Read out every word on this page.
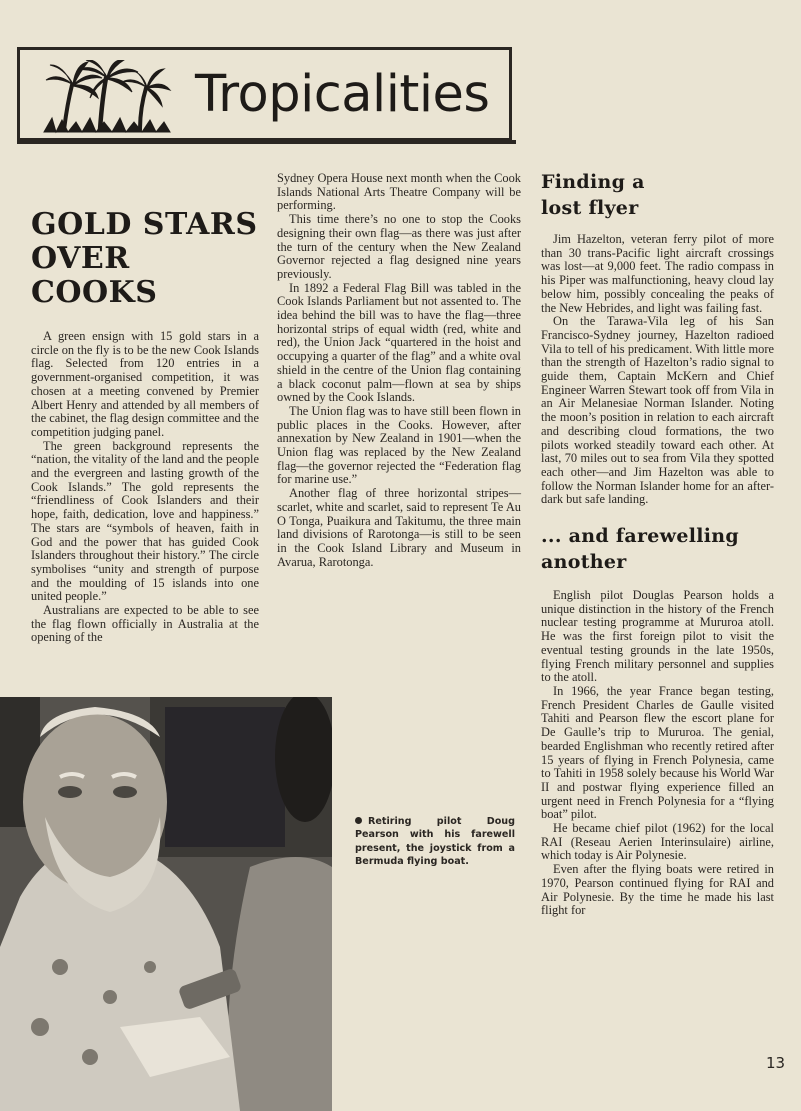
Tropicalities
GOLD STARS OVER COOKS

A green ensign with 15 gold stars in a circle on the fly is to be the new Cook Islands flag. Selected from 120 entries in a government-organised competition, it was chosen at a meeting convened by Premier Albert Henry and attended by all members of the cabinet, the flag design committee and the competition judging panel.

The green background represents the “nation, the vitality of the land and the people and the evergreen and lasting growth of the Cook Islands.” The gold represents the “friendliness of Cook Islanders and their hope, faith, dedication, love and happiness.” The stars are “symbols of heaven, faith in God and the power that has guided Cook Islanders throughout their history.” The circle symbolises “unity and strength of purpose and the moulding of 15 islands into one united people.”

Australians are expected to be able to see the flag flown officially in Australia at the opening of the

Sydney Opera House next month when the Cook Islands National Arts Theatre Company will be performing.

This time there’s no one to stop the Cooks designing their own flag—as there was just after the turn of the century when the New Zealand Governor rejected a flag designed nine years previously.

In 1892 a Federal Flag Bill was tabled in the Cook Islands Parliament but not assented to. The idea behind the bill was to have the flag—three horizontal strips of equal width (red, white and red), the Union Jack “quartered in the hoist and occupying a quarter of the flag” and a white oval shield in the centre of the Union flag containing a black coconut palm—flown at sea by ships owned by the Cook Islands.

The Union flag was to have still been flown in public places in the Cooks. However, after annexation by New Zealand in 1901—when the Union flag was replaced by the New Zealand flag—the governor rejected the “Federation flag for marine use.”

Another flag of three horizontal stripes—scarlet, white and scarlet, said to represent Te Au O Tonga, Puaikura and Takitumu, the three main land divisions of Rarotonga—is still to be seen in the Cook Island Library and Museum in Avarua, Rarotonga.

Finding a lost flyer

Jim Hazelton, veteran ferry pilot of more than 30 trans-Pacific light aircraft crossings was lost—at 9,000 feet. The radio compass in his Piper was malfunctioning, heavy cloud lay below him, possibly concealing the peaks of the New Hebrides, and light was failing fast.

On the Tarawa-Vila leg of his San Francisco-Sydney journey, Hazelton radioed Vila to tell of his predicament. With little more than the strength of Hazelton’s radio signal to guide them, Captain McKern and Chief Engineer Warren Stewart took off from Vila in an Air Melanesiae Norman Islander. Noting the moon’s position in relation to each aircraft and describing cloud formations, the two pilots worked steadily toward each other. At last, 70 miles out to sea from Vila they spotted each other—and Jim Hazelton was able to follow the Norman Islander home for an after-dark but safe landing.

... and farewelling another

English pilot Douglas Pearson holds a unique distinction in the history of the French nuclear testing programme at Mururoa atoll. He was the first foreign pilot to visit the eventual testing grounds in the late 1950s, flying French military personnel and supplies to the atoll.

In 1966, the year France began testing, French President Charles de Gaulle visited Tahiti and Pearson flew the escort plane for De Gaulle’s trip to Mururoa. The genial, bearded Englishman who recently retired after 15 years of flying in French Polynesia, came to Tahiti in 1958 solely because his World War II and postwar flying experience filled an urgent need in French Polynesia for a “flying boat” pilot.

He became chief pilot (1962) for the local RAI (Reseau Aerien Interinsulaire) airline, which today is Air Polynesie.

Even after the flying boats were retired in 1970, Pearson continued flying for RAI and Air Polynesie. By the time he made his last flight for

Retiring pilot Doug Pearson with his farewell present, the joystick from a Bermuda flying boat.
13
